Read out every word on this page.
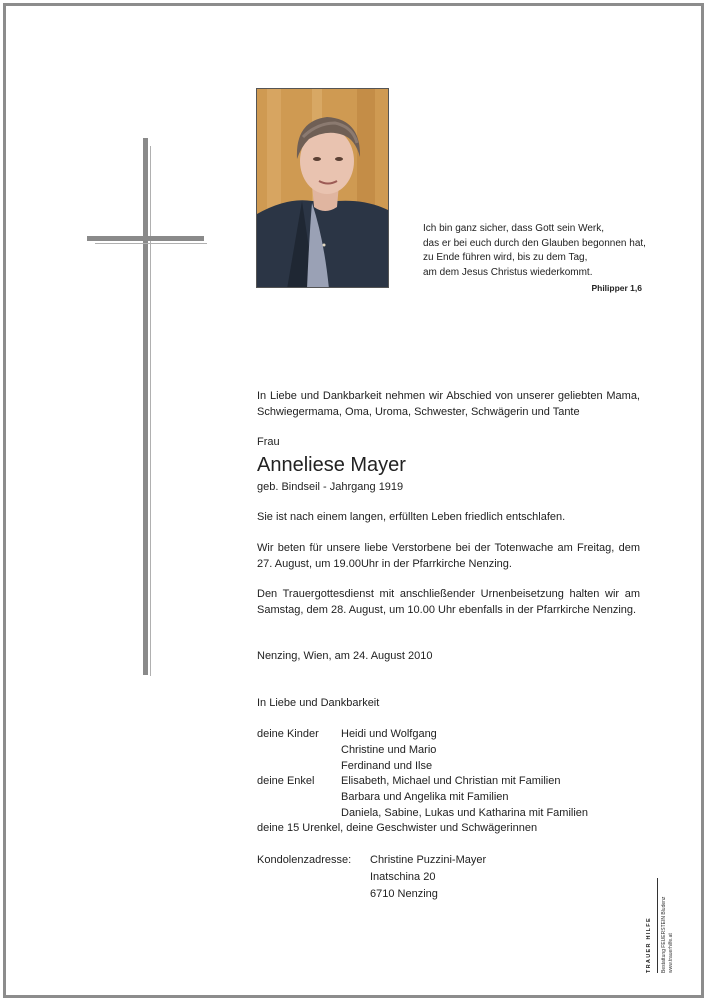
Ich bin ganz sicher, dass Gott sein Werk,
das er bei euch durch den Glauben begonnen hat,
zu Ende führen wird, bis zu dem Tag,
am dem Jesus Christus wiederkommt.
Philipper 1,6
In Liebe und Dankbarkeit nehmen wir Abschied von unserer geliebten Mama, Schwiegermama, Oma, Uroma, Schwester, Schwägerin und Tante
Frau
Anneliese Mayer
geb. Bindseil - Jahrgang 1919
Sie ist nach einem langen, erfüllten Leben friedlich entschlafen.
Wir beten für unsere liebe Verstorbene bei der Totenwache am Freitag, dem 27. August, um 19.00Uhr in der Pfarrkirche Nenzing.
Den Trauergottesdienst mit anschließender Urnenbeisetzung halten wir am Samstag, dem 28. August, um 10.00 Uhr ebenfalls in der Pfarrkirche Nenzing.
Nenzing, Wien, am 24. August 2010
In Liebe und Dankbarkeit
deine Kinder	Heidi und Wolfgang
Christine und Mario
Ferdinand und Ilse
deine Enkel	Elisabeth, Michael und Christian mit Familien
Barbara und Angelika mit Familien
Daniela, Sabine, Lukas und Katharina mit Familien
deine 15 Urenkel, deine Geschwister und Schwägerinnen
Kondolenzadresse: Christine Puzzini-Mayer
Inatschina 20
6710 Nenzing
TRAUER HILFE Bestattung FEUERSTEIN Bludenz www.trauerhilfe.at
